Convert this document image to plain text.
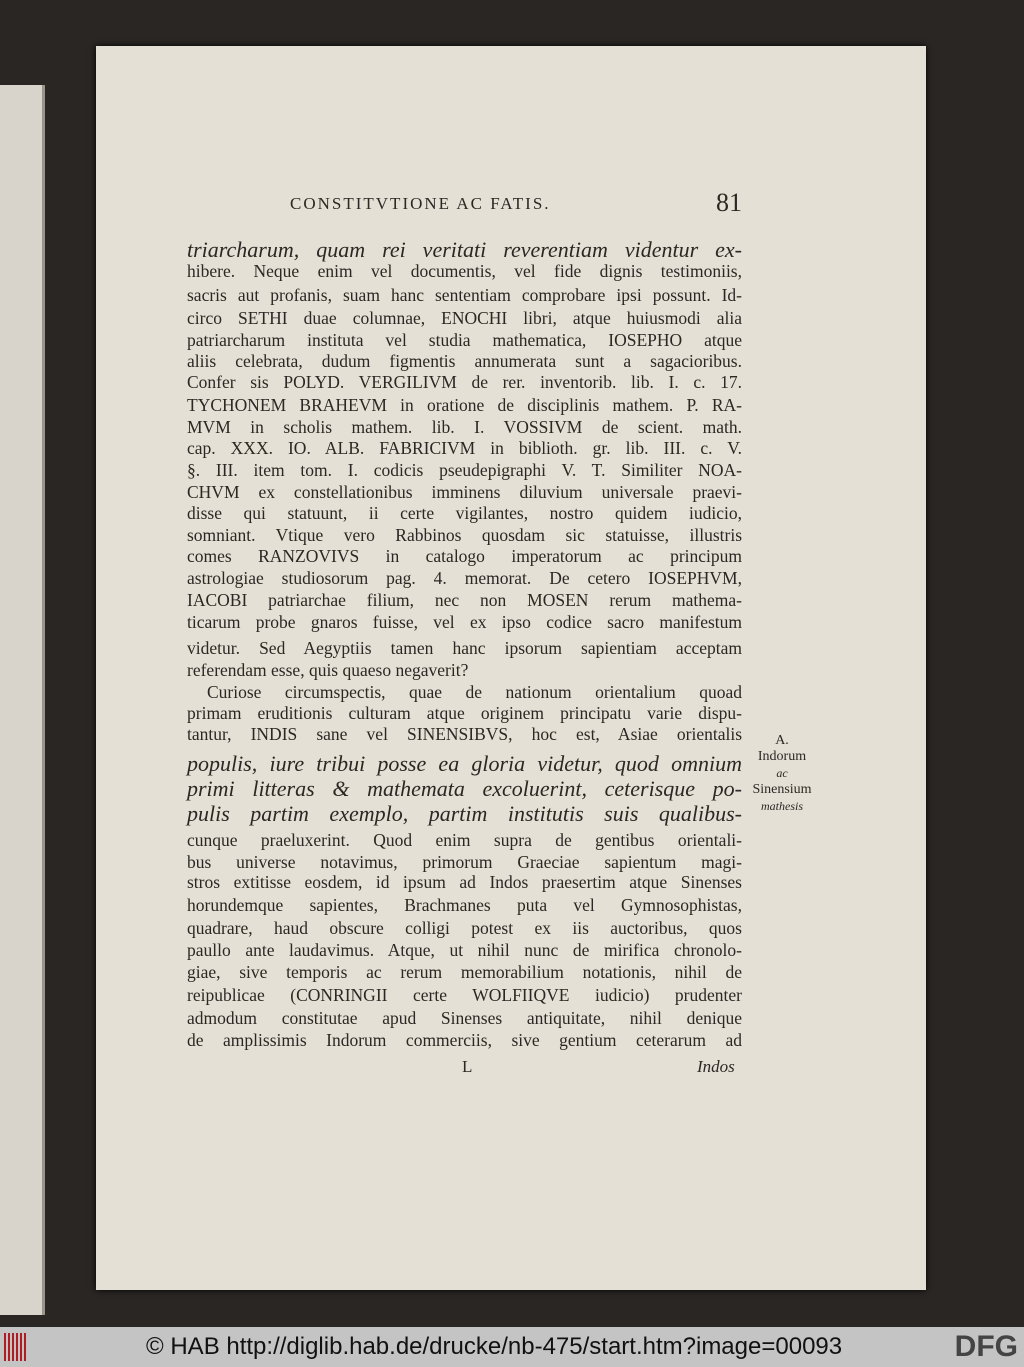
CONSTITVTIONE AC FATIS.	81
triarcharum, quam rei veritati reverentiam videntur ex-
hibere. Neque enim vel documentis, vel fide dignis testimoniis,
sacris aut profanis, suam hanc sententiam comprobare ipsi possunt. Id-
circo SETHI duae columnae, ENOCHI libri, atque huiusmodi alia
patriarcharum instituta vel studia mathematica, IOSEPHO atque
aliis celebrata, dudum figmentis annumerata sunt a sagacioribus.
Confer sis POLYD. VERGILIVM de rer. inventorib. lib. I. c. 17.
TYCHONEM BRAHEVM in oratione de disciplinis mathem. P. RA-
MVM in scholis mathem. lib. I. VOSSIVM de scient. math.
cap. XXX. IO. ALB. FABRICIVM in biblioth. gr. lib. III. c. V.
§. III. item tom. I. codicis pseudepigraphi V. T. Similiter NOA-
CHVM ex constellationibus imminens diluvium universale praevi-
disse qui statuunt, ii certe vigilantes, nostro quidem iudicio,
somniant. Vtique vero Rabbinos quosdam sic statuisse, illustris
comes RANZOVIVS in catalogo imperatorum ac principum
astrologiae studiosorum pag. 4. memorat. De cetero IOSEPHVM,
IACOBI patriarchae filium, nec non MOSEN rerum mathema-
ticarum probe gnaros fuisse, vel ex ipso codice sacro manifestum
videtur. Sed Aegyptiis tamen hanc ipsorum sapientiam acceptam
referendam esse, quis quaeso negaverit?
Curiose circumspectis, quae de nationum orientalium quoad
primam eruditionis culturam atque originem principatu varie dispu-
tantur, INDIS sane vel SINENSIBVS, hoc est, Asiae orientalis
populis, iure tribui posse ea gloria videtur, quod omnium
primi litteras & mathemata excoluerint, ceterisque po-
pulis partim exemplo, partim institutis suis qualibus-
cunque praeluxerint. Quod enim supra de gentibus orientali-
bus universe notavimus, primorum Graeciae sapientum magi-
stros extitisse eosdem, id ipsum ad Indos praesertim atque Sinenses
horundemque sapientes, Brachmanes puta vel Gymnosophistas,
quadrare, haud obscure colligi potest ex iis auctoribus, quos
paullo ante laudavimus. Atque, ut nihil nunc de mirifica chronolo-
giae, sive temporis ac rerum memorabilium notationis, nihil de
reipublicae (CONRINGII certe WOLFIIQVE iudicio) prudenter
admodum constitutae apud Sinenses antiquitate, nihil denique
de amplissimis Indorum commerciis, sive gentium ceterarum ad
A.
Indorum
ac
Sinensium
mathesis
L	Indos
© HAB http://diglib.hab.de/drucke/nb-475/start.htm?image=00093	DFG
